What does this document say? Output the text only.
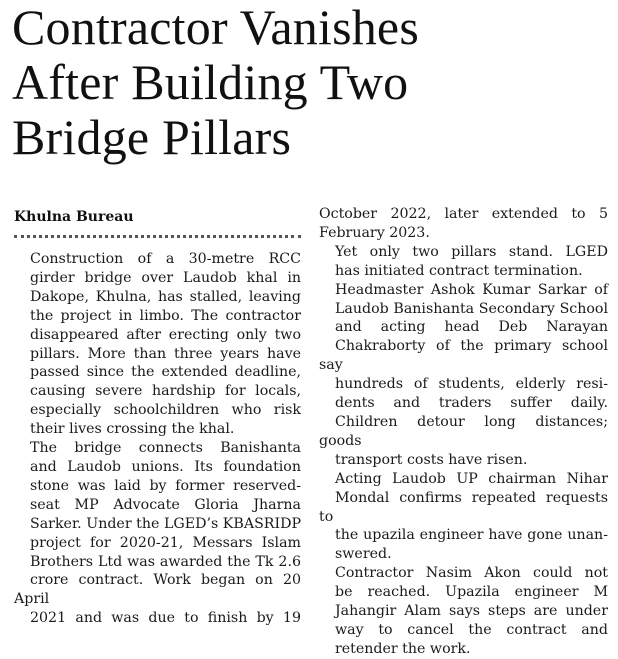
Contractor Vanishes
After Building Two
Bridge Pillars
Khulna Bureau

Construction of a 30-metre RCC
girder bridge over Laudob khal in
Dakope, Khulna, has stalled, leaving
the project in limbo. The contractor
disappeared after erecting only two
pillars. More than three years have
passed since the extended deadline,
causing severe hardship for locals,
especially schoolchildren who risk
their lives crossing the khal.

The bridge connects Banishanta
and Laudob unions. Its foundation
stone was laid by former reserved-
seat MP Advocate Gloria Jharna
Sarker. Under the LGED’s KBASRIDP
project for 2020-21, Messars Islam
Brothers Ltd was awarded the Tk 2.6
crore contract. Work began on 20 April
2021 and was due to finish by 19

October 2022, later extended to 5
February 2023.

Yet only two pillars stand. LGED
has initiated contract termination.

Headmaster Ashok Kumar Sarkar of
Laudob Banishanta Secondary School
and acting head Deb Narayan
Chakraborty of the primary school say
hundreds of students, elderly resi-
dents and traders suffer daily.
Children detour long distances; goods
transport costs have risen.

Acting Laudob UP chairman Nihar
Mondal confirms repeated requests to
the upazila engineer have gone unan-
swered.

Contractor Nasim Akon could not
be reached. Upazila engineer M
Jahangir Alam says steps are under
way to cancel the contract and
retender the work.
